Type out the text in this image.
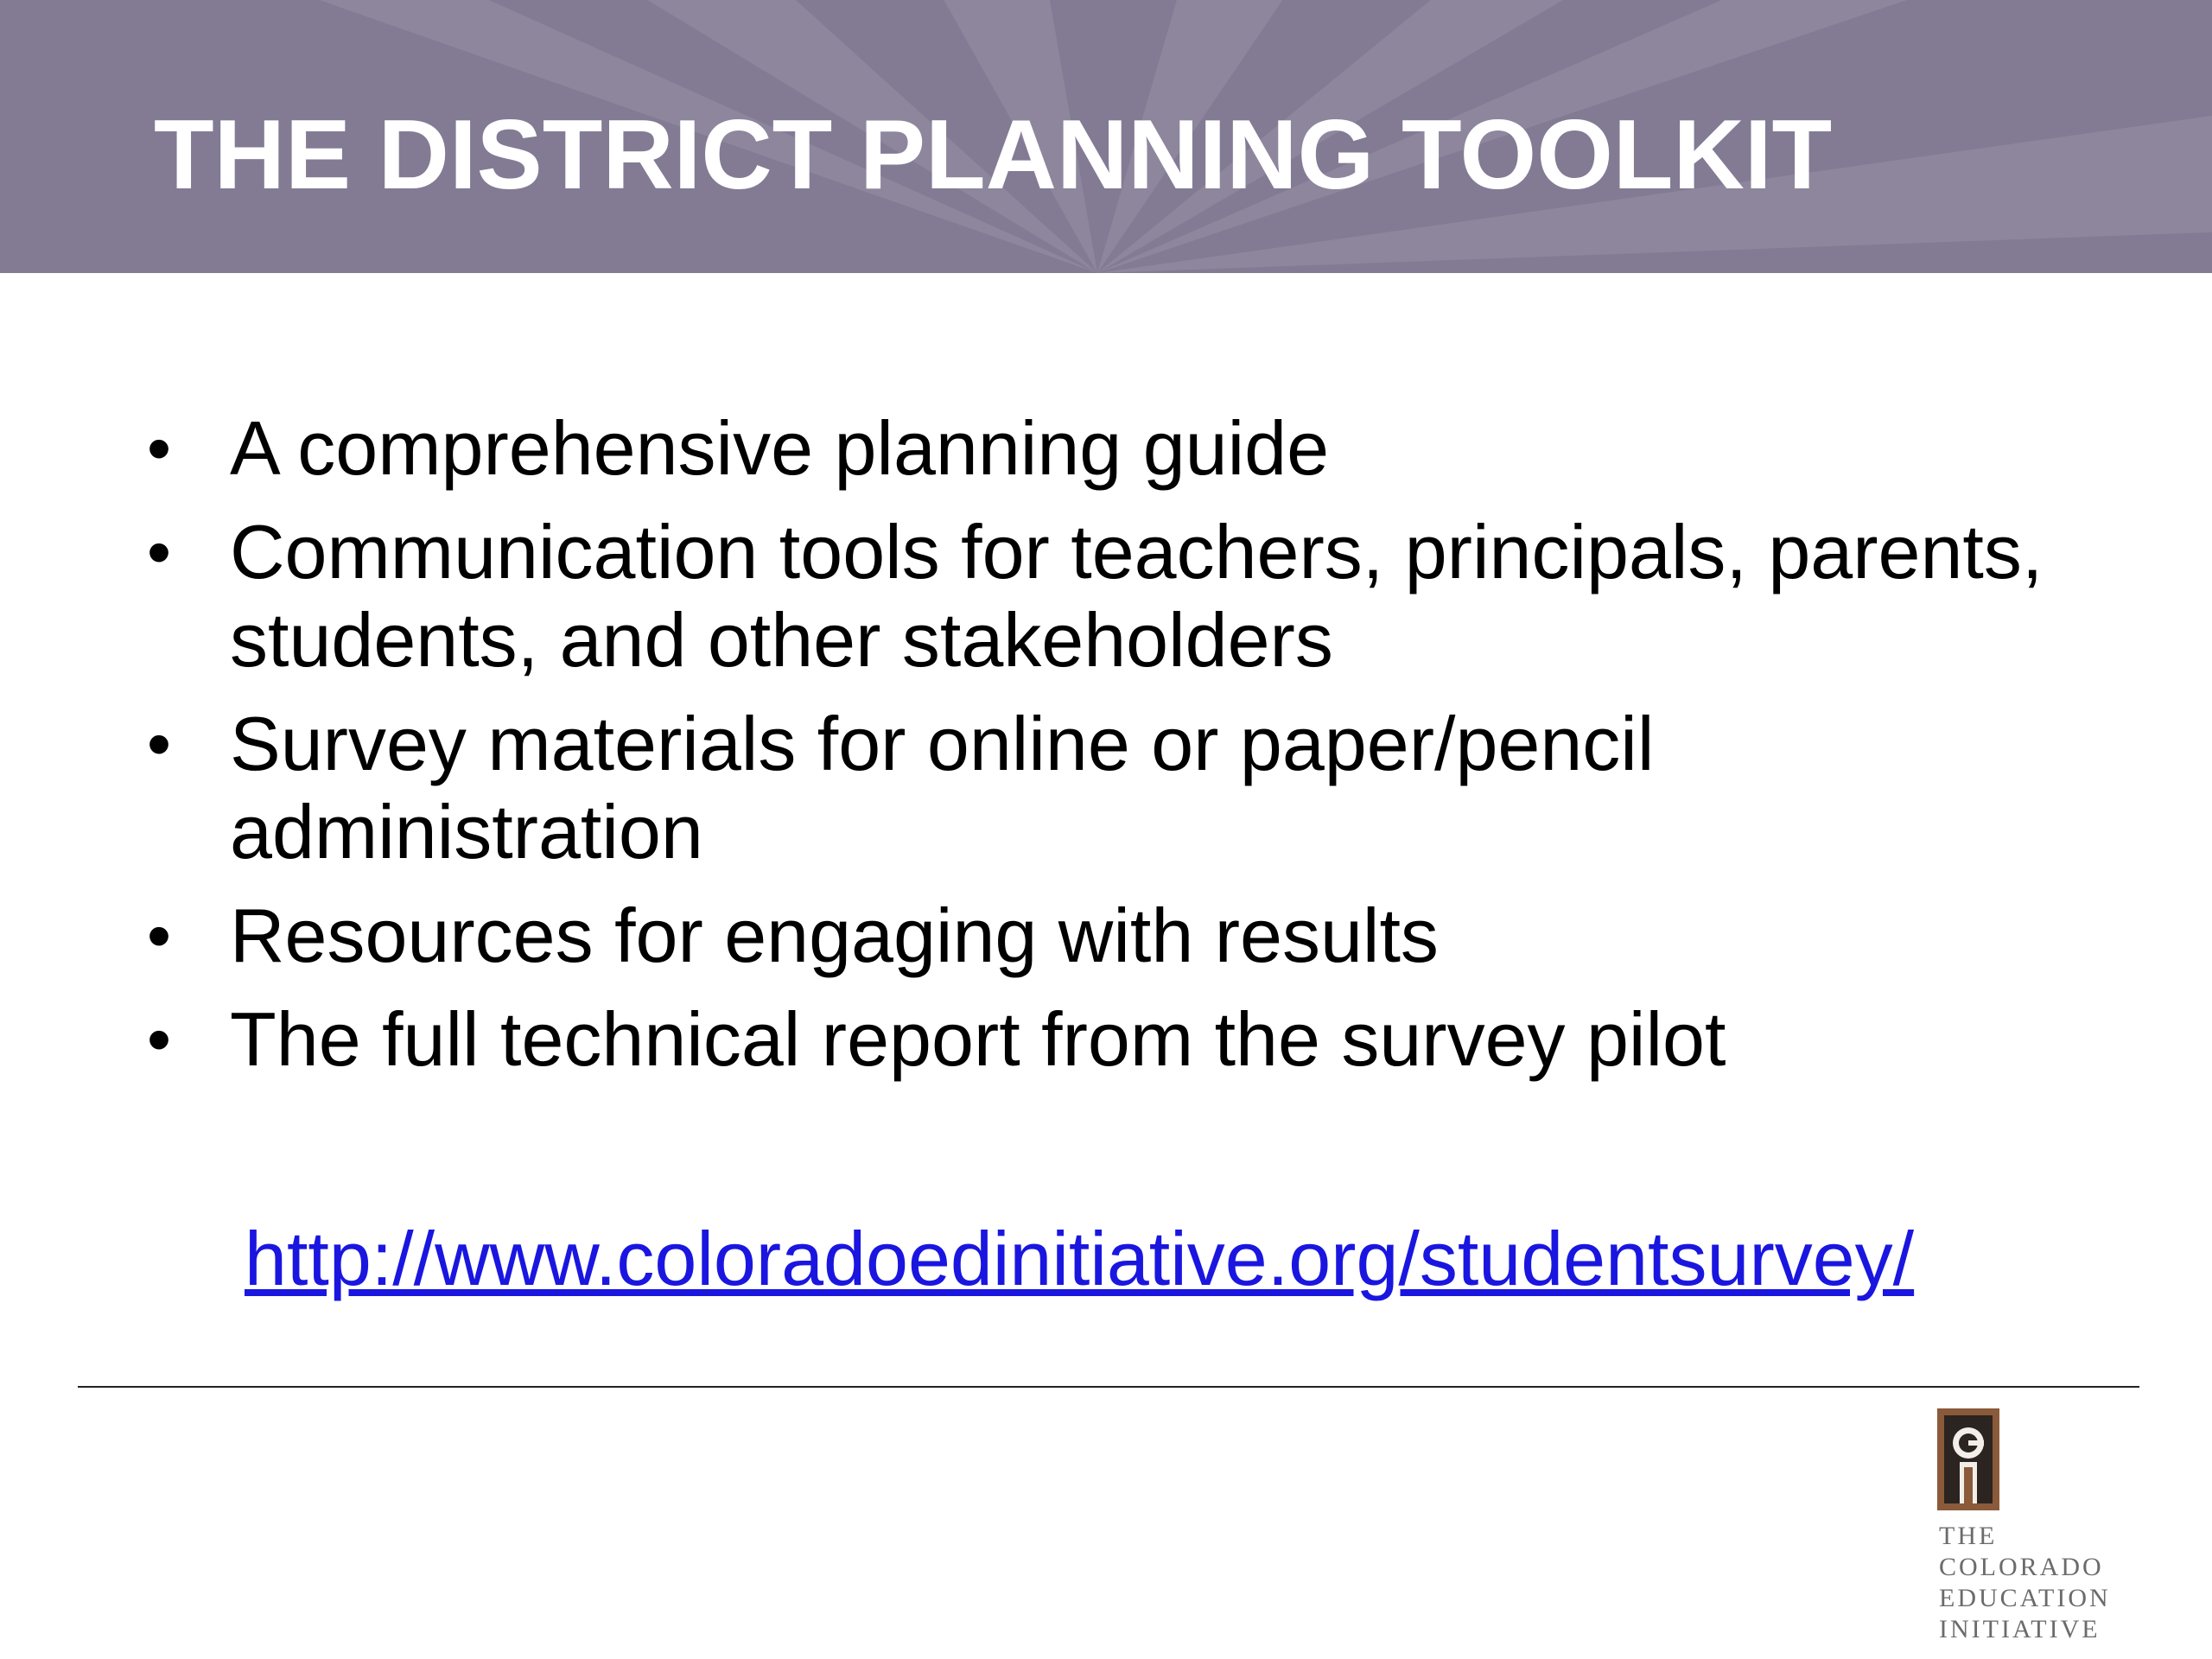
THE DISTRICT PLANNING TOOLKIT
• A comprehensive planning guide
• Communication tools for teachers, principals, parents, students, and other stakeholders
• Survey materials for online or paper/pencil administration
• Resources for engaging with results
• The full technical report from the survey pilot
http://www.coloradoedinitiative.org/studentsurvey/
THE
COLORADO
EDUCATION
INITIATIVE
